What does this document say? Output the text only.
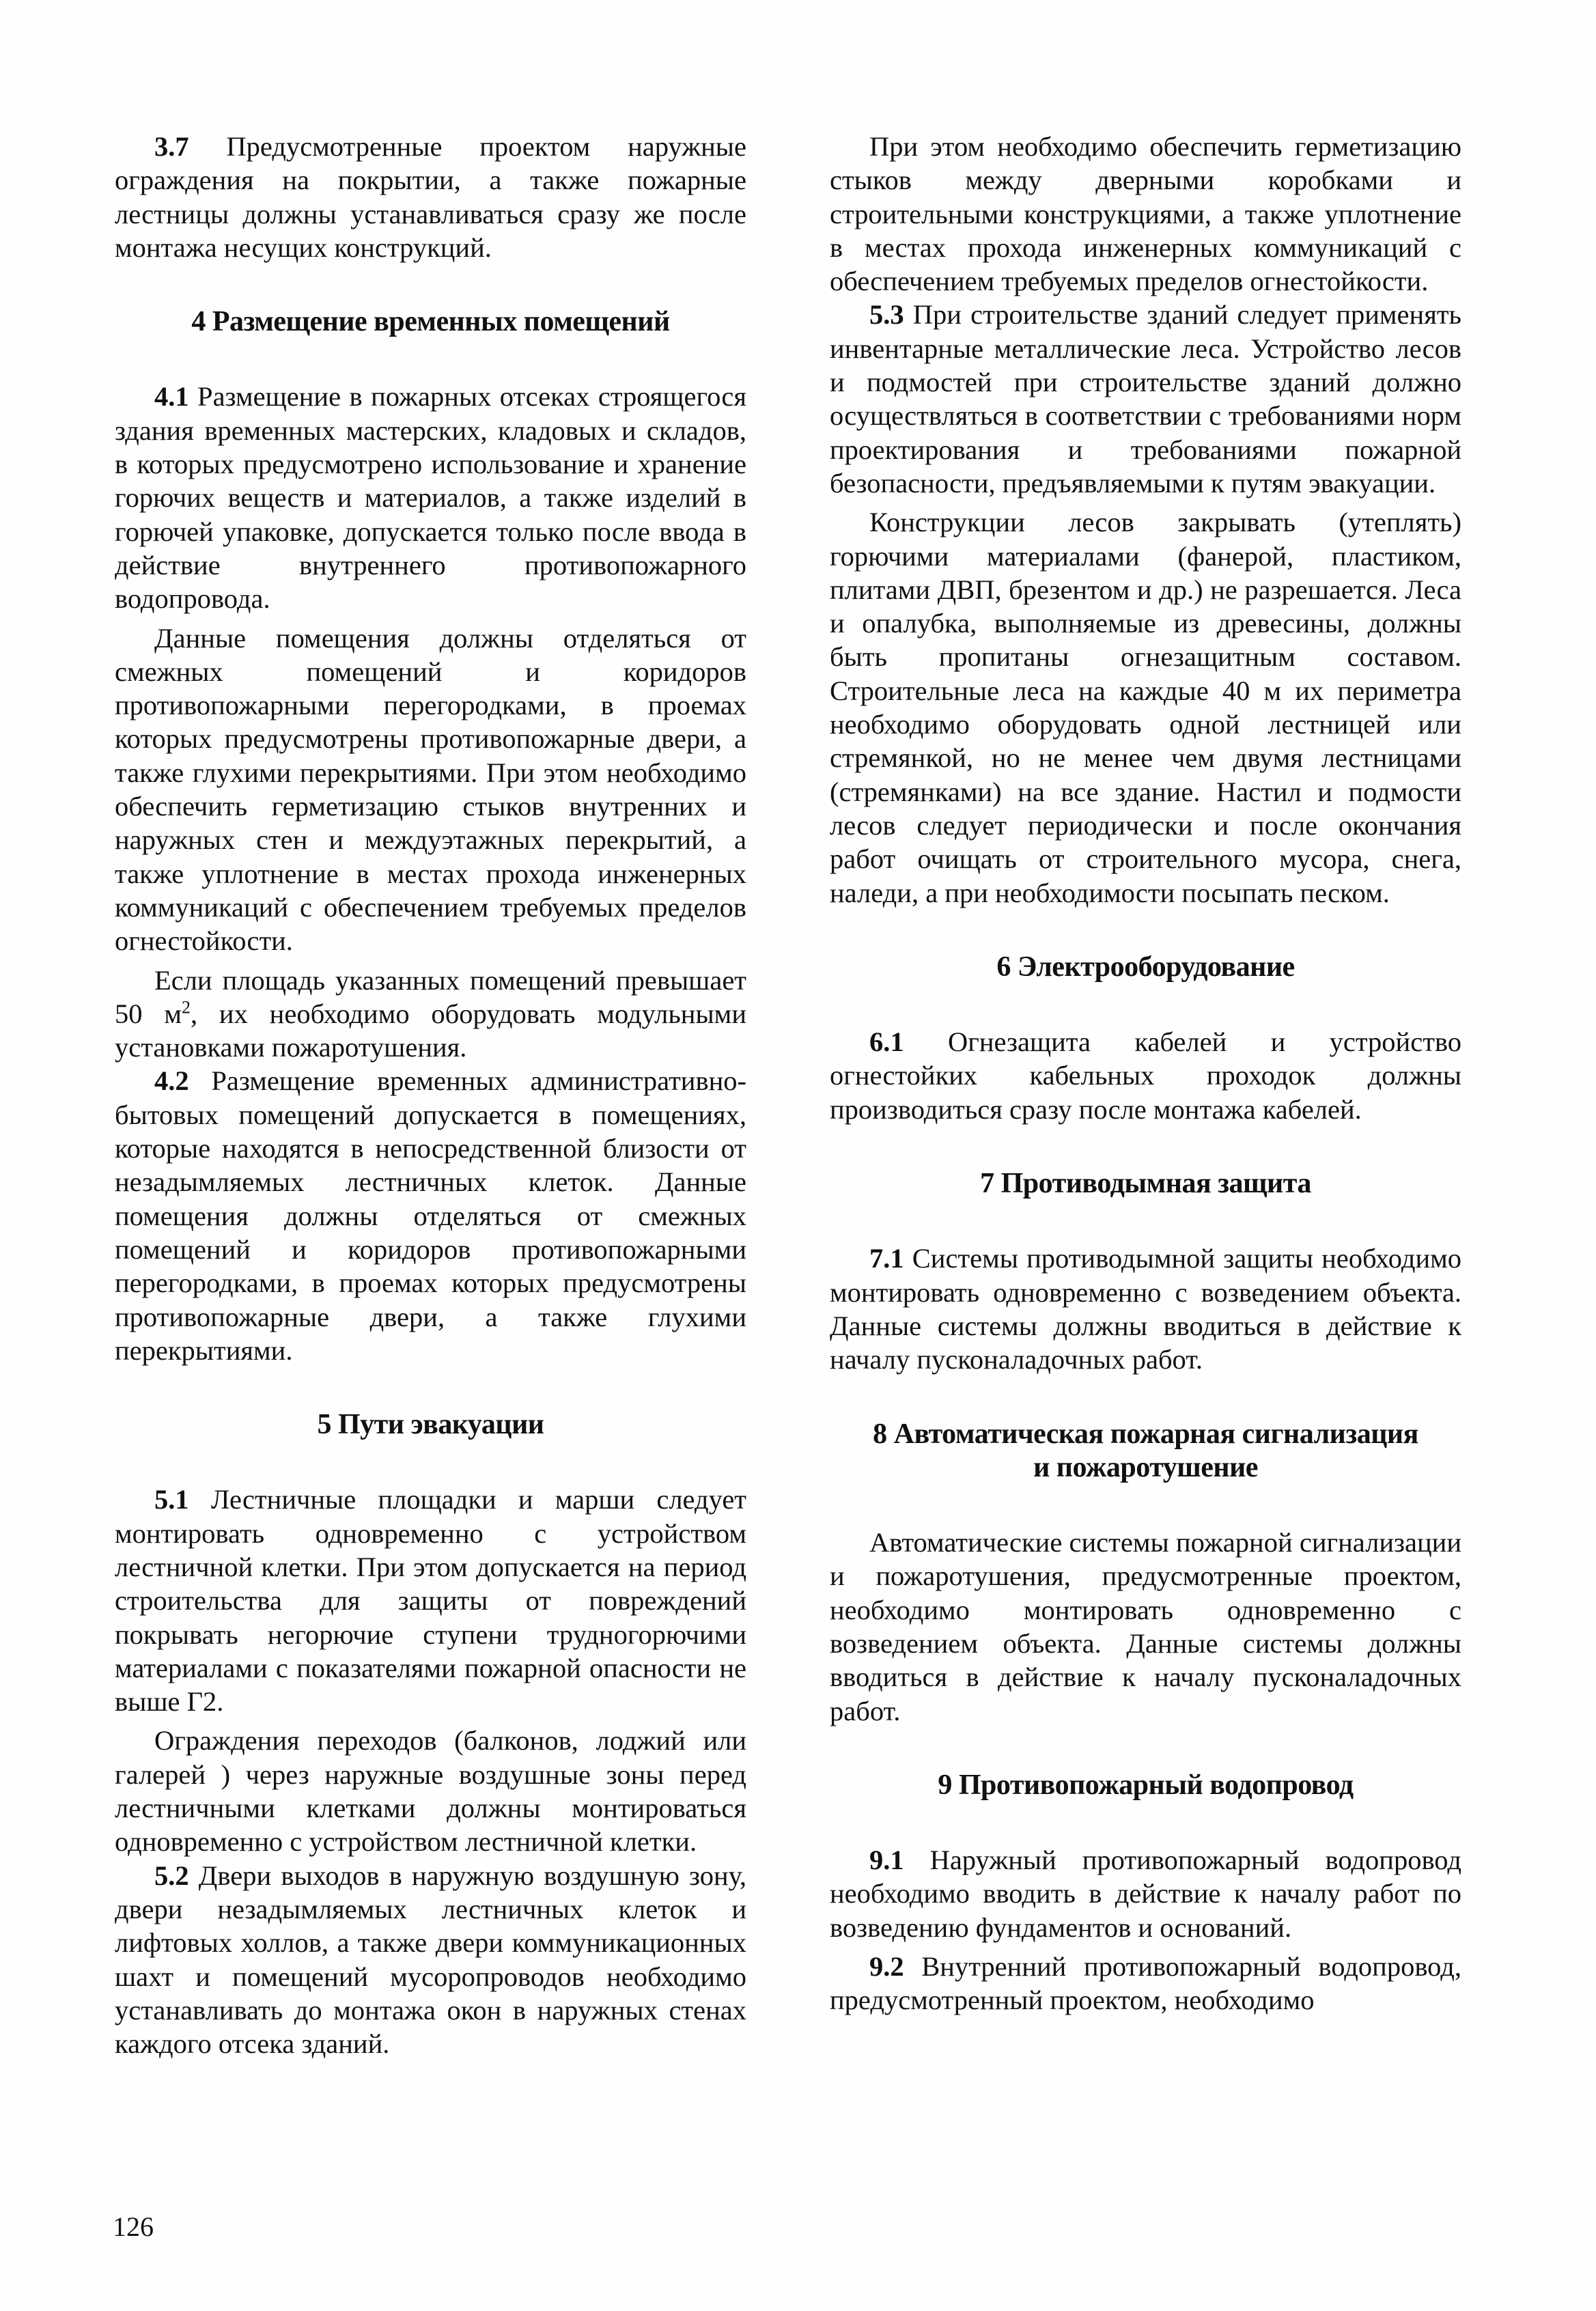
3.7 Предусмотренные проектом наружные ограждения на покрытии, а также пожарные лестницы должны устанавливаться сразу же после монтажа несущих конструкций.

4 Размещение временных помещений

4.1 Размещение в пожарных отсеках строящегося здания временных мастерских, кладовых и складов, в которых предусмотрено использование и хранение горючих веществ и материалов, а также изделий в горючей упаковке, допускается только после ввода в действие внутреннего противопожарного водопровода.

Данные помещения должны отделяться от смежных помещений и коридоров противопожарными перегородками, в проемах которых предусмотрены противопожарные двери, а также глухими перекрытиями. При этом необходимо обеспечить герметизацию стыков внутренних и наружных стен и междуэтажных перекрытий, а также уплотнение в местах прохода инженерных коммуникаций с обеспечением требуемых пределов огнестойкости.

Если площадь указанных помещений превышает 50 $м^2$, их необходимо оборудовать модульными установками пожаротушения.

4.2 Размещение временных административно-бытовых помещений допускается в помещениях, которые находятся в непосредственной близости от незадымляемых лестничных клеток. Данные помещения должны отделяться от смежных помещений и коридоров противопожарными перегородками, в проемах которых предусмотрены противопожарные двери, а также глухими перекрытиями.

5 Пути эвакуации

5.1 Лестничные площадки и марши следует монтировать одновременно с устройством лестничной клетки. При этом допускается на период строительства для защиты от повреждений покрывать негорючие ступени трудногорючими материалами с показателями пожарной опасности не выше Г2.

Ограждения переходов (балконов, лоджий или галерей ) через наружные воздушные зоны перед лестничными клетками должны монтироваться одновременно с устройством лестничной клетки.

5.2 Двери выходов в наружную воздушную зону, двери незадымляемых лестничных клеток и лифтовых холлов, а также двери коммуникационных шахт и помещений мусоропроводов необходимо устанавливать до монтажа окон в наружных стенах каждого отсека зданий.

При этом необходимо обеспечить герметизацию стыков между дверными коробками и строительными конструкциями, а также уплотнение в местах прохода инженерных коммуникаций с обеспечением требуемых пределов огнестойкости.

5.3 При строительстве зданий следует применять инвентарные металлические леса. Устройство лесов и подмостей при строительстве зданий должно осуществляться в соответствии с требованиями норм проектирования и требованиями пожарной безопасности, предъявляемыми к путям эвакуации.

Конструкции лесов закрывать (утеплять) горючими материалами (фанерой, пластиком, плитами ДВП, брезентом и др.) не разрешается. Леса и опалубка, выполняемые из древесины, должны быть пропитаны огнезащитным составом. Строительные леса на каждые 40 м их периметра необходимо оборудовать одной лестницей или стремянкой, но не менее чем двумя лестницами (стремянками) на все здание. Настил и подмости лесов следует периодически и после окончания работ очищать от строительного мусора, снега, наледи, а при необходимости посыпать песком.

6 Электрооборудование

6.1 Огнезащита кабелей и устройство огнестойких кабельных проходок должны производиться сразу после монтажа кабелей.

7 Противодымная защита

7.1 Системы противодымной защиты необходимо монтировать одновременно с возведением объекта. Данные системы должны вводиться в действие к началу пусконаладочных работ.

8 Автоматическая пожарная сигнализация
и пожаротушение

Автоматические системы пожарной сигнализации и пожаротушения, предусмотренные проектом, необходимо монтировать одновременно с возведением объекта. Данные системы должны вводиться в действие к началу пусконаладочных работ.

9 Противопожарный водопровод

9.1 Наружный противопожарный водопровод необходимо вводить в действие к началу работ по возведению фундаментов и оснований.

9.2 Внутренний противопожарный водопровод, предусмотренный проектом, необходимо

126
